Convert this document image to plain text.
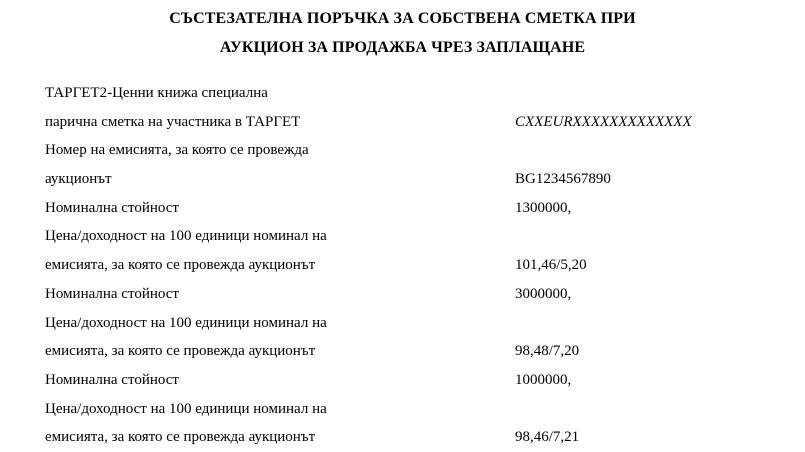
СЪСТЕЗАТЕЛНА ПОРЪЧКА ЗА СОБСТВЕНА СМЕТКА ПРИ
АУКЦИОН ЗА ПРОДАЖБА ЧРЕЗ ЗАПЛАЩАНЕ
ТАРГЕТ2-Ценни книжа специална
парична сметка на участника в ТАРГЕТ	CXXEURXXXXXXXXXXXXX
Номер на емисията, за която се провежда
аукционът	BG1234567890
Номинална стойност	1300000,
Цена/доходност на 100 единици номинал на
емисията, за която се провежда аукционът	101,46/5,20
Номинална стойност	3000000,
Цена/доходност на 100 единици номинал на
емисията, за която се провежда аукционът	98,48/7,20
Номинална стойност	1000000,
Цена/доходност на 100 единици номинал на
емисията, за която се провежда аукционът	98,46/7,21
